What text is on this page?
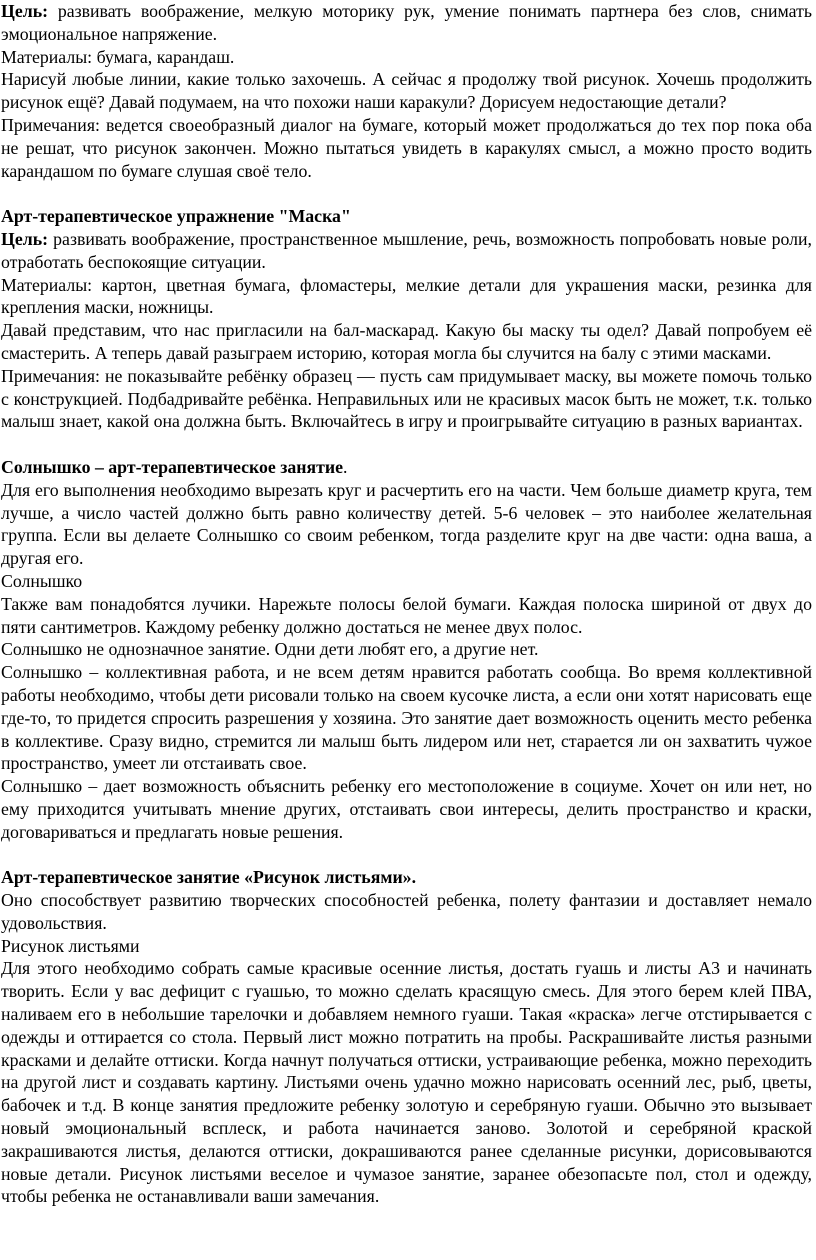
Цель: развивать воображение, мелкую моторику рук, умение понимать партнера без слов, снимать эмоциональное напряжение.

Материалы: бумага, карандаш.

Нарисуй любые линии, какие только захочешь. А сейчас я продолжу твой рисунок. Хочешь продолжить рисунок ещё? Давай подумаем, на что похожи наши каракули? Дорисуем недостающие детали?

Примечания: ведется своеобразный диалог на бумаге, который может продолжаться до тех пор пока оба не решат, что рисунок закончен. Можно пытаться увидеть в каракулях смысл, а можно просто водить карандашом по бумаге слушая своё тело.

Арт-терапевтическое упражнение "Маска"

Цель: развивать воображение, пространственное мышление, речь, возможность попробовать новые роли, отработать беспокоящие ситуации.

Материалы: картон, цветная бумага, фломастеры, мелкие детали для украшения маски, резинка для крепления маски, ножницы.

Давай представим, что нас пригласили на бал-маскарад. Какую бы маску ты одел? Давай попробуем её смастерить. А теперь давай разыграем историю, которая могла бы случится на балу с этими масками.

Примечания: не показывайте ребёнку образец — пусть сам придумывает маску, вы можете помочь только с конструкцией. Подбадривайте ребёнка. Неправильных или не красивых масок быть не может, т.к. только малыш знает, какой она должна быть. Включайтесь в игру и проигрывайте ситуацию в разных вариантах.

Солнышко – арт-терапевтическое занятие.

Для его выполнения необходимо вырезать круг и расчертить его на части. Чем больше диаметр круга, тем лучше, а число частей должно быть равно количеству детей. 5-6 человек – это наиболее желательная группа. Если вы делаете Солнышко со своим ребенком, тогда разделите круг на две части: одна ваша, а другая его.

Солнышко

Также вам понадобятся лучики. Нарежьте полосы белой бумаги. Каждая полоска шириной от двух до пяти сантиметров. Каждому ребенку должно достаться не менее двух полос.

Солнышко не однозначное занятие. Одни дети любят его, а другие нет.

Солнышко – коллективная работа, и не всем детям нравится работать сообща. Во время коллективной работы необходимо, чтобы дети рисовали только на своем кусочке листа, а если они хотят нарисовать еще где-то, то придется спросить разрешения у хозяина. Это занятие дает возможность оценить место ребенка в коллективе. Сразу видно, стремится ли малыш быть лидером или нет, старается ли он захватить чужое пространство, умеет ли отстаивать свое.

Солнышко – дает возможность объяснить ребенку его местоположение в социуме. Хочет он или нет, но ему приходится учитывать мнение других, отстаивать свои интересы, делить пространство и краски, договариваться и предлагать новые решения.

Арт-терапевтическое занятие «Рисунок листьями».

Оно способствует развитию творческих способностей ребенка, полету фантазии и доставляет немало удовольствия.

Рисунок листьями

Для этого необходимо собрать самые красивые осенние листья, достать гуашь и листы А3 и начинать творить. Если у вас дефицит с гуашью, то можно сделать красящую смесь. Для этого берем клей ПВА, наливаем его в небольшие тарелочки и добавляем немного гуаши. Такая «краска» легче отстирывается с одежды и оттирается со стола. Первый лист можно потратить на пробы. Раскрашивайте листья разными красками и делайте оттиски. Когда начнут получаться оттиски, устраивающие ребенка, можно переходить на другой лист и создавать картину. Листьями очень удачно можно нарисовать осенний лес, рыб, цветы, бабочек и т.д. В конце занятия предложите ребенку золотую и серебряную гуаши. Обычно это вызывает новый эмоциональный всплеск, и работа начинается заново. Золотой и серебряной краской закрашиваются листья, делаются оттиски, докрашиваются ранее сделанные рисунки, дорисовываются новые детали. Рисунок листьями веселое и чумазое занятие, заранее обезопасьте пол, стол и одежду, чтобы ребенка не останавливали ваши замечания.
